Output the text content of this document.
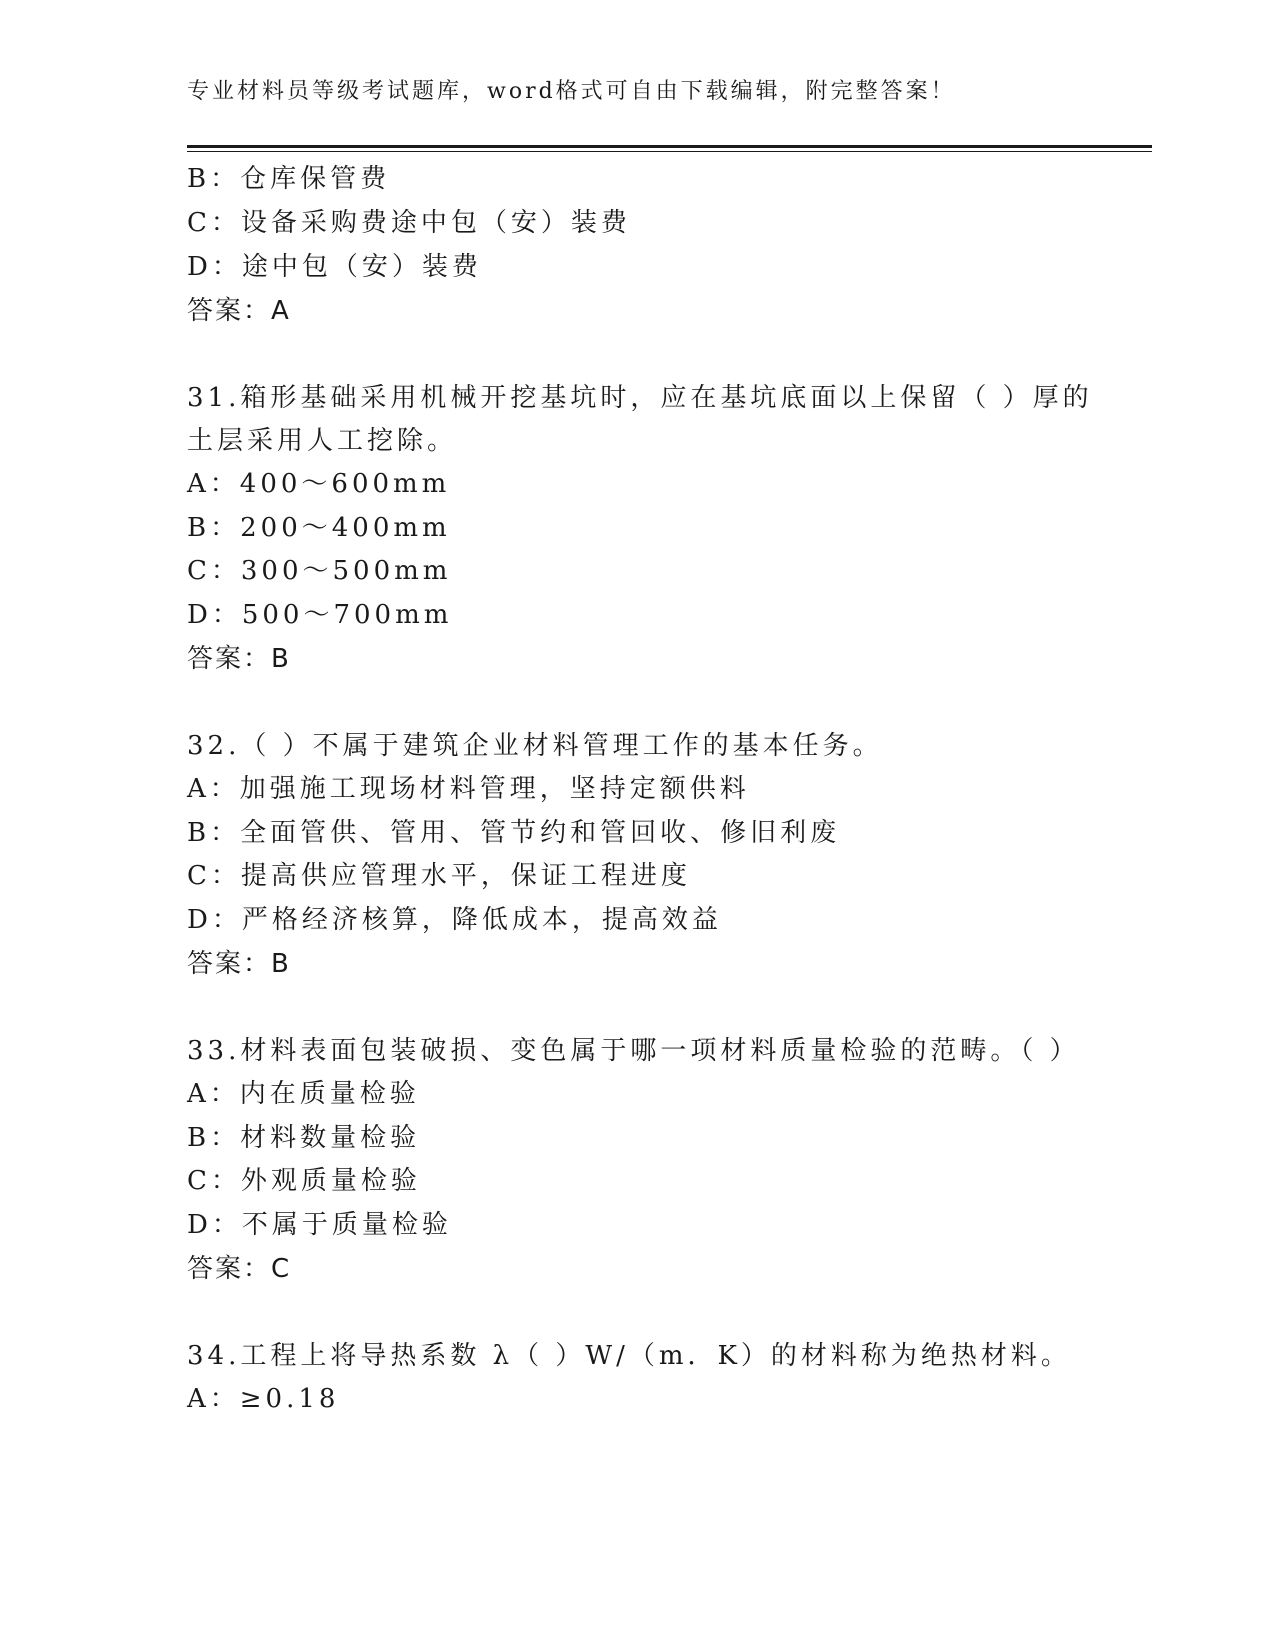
专业材料员等级考试题库，word格式可自由下载编辑，附完整答案！
B：仓库保管费
C：设备采购费途中包（安）装费
D：途中包（安）装费
答案：A
31.箱形基础采用机械开挖基坑时，应在基坑底面以上保留（ ）厚的
土层采用人工挖除。
A：400～600mm
B：200～400mm
C：300～500mm
D：500～700mm
答案：B
32.（ ）不属于建筑企业材料管理工作的基本任务。
A：加强施工现场材料管理，坚持定额供料
B：全面管供、管用、管节约和管回收、修旧利废
C：提高供应管理水平，保证工程进度
D：严格经济核算，降低成本，提高效益
答案：B
33.材料表面包装破损、变色属于哪一项材料质量检验的范畴。（ ）
A：内在质量检验
B：材料数量检验
C：外观质量检验
D：不属于质量检验
答案：C
34.工程上将导热系数 λ（ ）W/（m．K）的材料称为绝热材料。
A：≥0.18
